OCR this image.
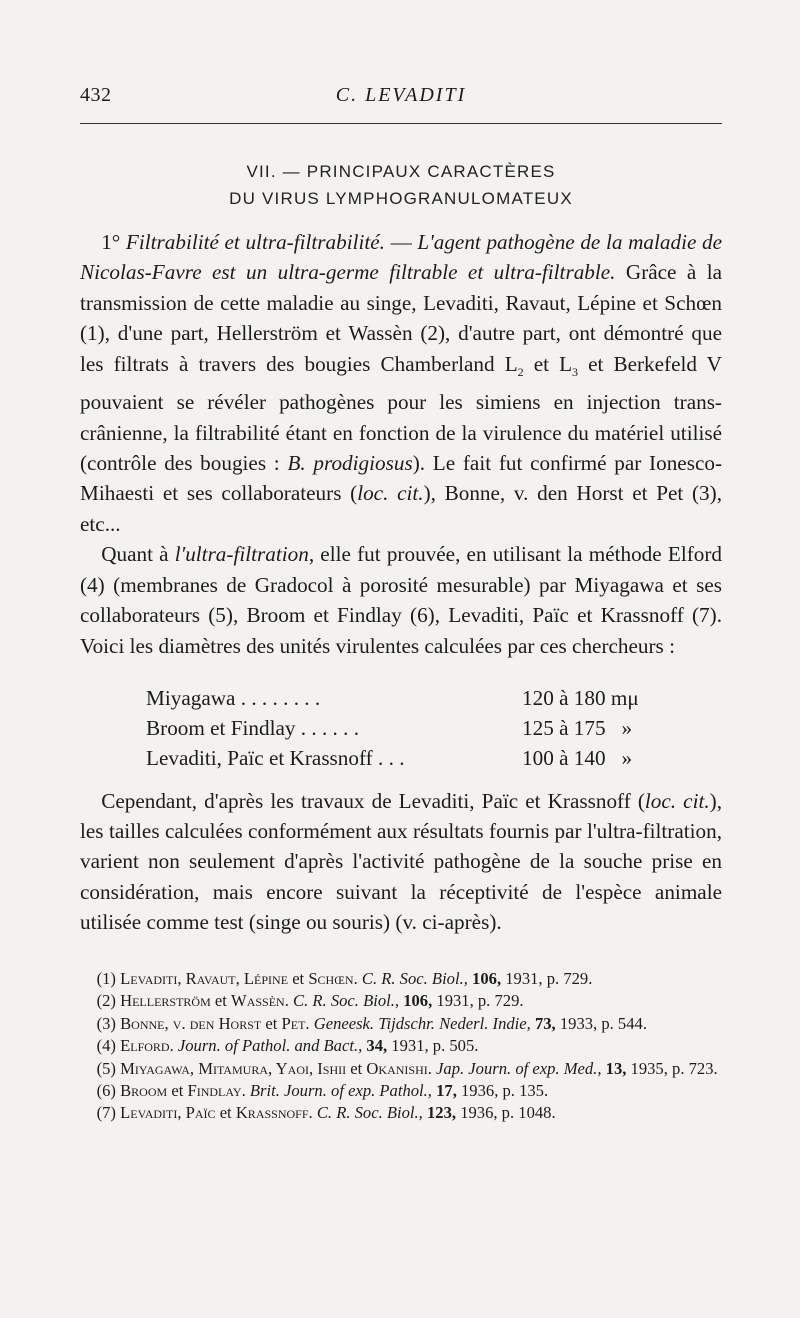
432	C. LEVADITI
VII. — PRINCIPAUX CARACTÈRES
DU VIRUS LYMPHOGRANULOMATEUX

1° Filtrabilité et ultra-filtrabilité. — L'agent pathogène de la maladie de Nicolas-Favre est un ultra-germe filtrable et ultra-filtrable. Grâce à la transmission de cette maladie au singe, Levaditi, Ravaut, Lépine et Schœn (1), d'une part, Hellerström et Wassèn (2), d'autre part, ont démontré que les filtrats à travers des bougies Chamberland $L_2$ et $L_3$ et Berkefeld V pouvaient se révéler pathogènes pour les simiens en injection trans-crânienne, la filtrabilité étant en fonction de la virulence du matériel utilisé (contrôle des bougies : B. prodigiosus). Le fait fut confirmé par Ionesco-Mihaesti et ses collaborateurs (loc. cit.), Bonne, v. den Horst et Pet (3), etc...

Quant à l'ultra-filtration, elle fut prouvée, en utilisant la méthode Elford (4) (membranes de Gradocol à porosité mesurable) par Miyagawa et ses collaborateurs (5), Broom et Findlay (6), Levaditi, Païc et Krassnoff (7). Voici les diamètres des unités virulentes calculées par ces chercheurs :

Miyagawa . . . . . . . .	120 à 180 mμ
Broom et Findlay . . . . . .	125 à 175   »
Levaditi, Païc et Krassnoff . . .	100 à 140   »

Cependant, d'après les travaux de Levaditi, Païc et Krassnoff (loc. cit.), les tailles calculées conformément aux résultats fournis par l'ultra-filtration, varient non seulement d'après l'activité pathogène de la souche prise en considération, mais encore suivant la réceptivité de l'espèce animale utilisée comme test (singe ou souris) (v. ci-après).

(1) Levaditi, Ravaut, Lépine et Schœn. C. R. Soc. Biol., 106, 1931, p. 729.

(2) Hellerström et Wassèn. C. R. Soc. Biol., 106, 1931, p. 729.

(3) Bonne, v. den Horst et Pet. Geneesk. Tijdschr. Nederl. Indie, 73, 1933, p. 544.

(4) Elford. Journ. of Pathol. and Bact., 34, 1931, p. 505.

(5) Miyagawa, Mitamura, Yaoi, Ishii et Okanishi. Jap. Journ. of exp. Med., 13, 1935, p. 723.

(6) Broom et Findlay. Brit. Journ. of exp. Pathol., 17, 1936, p. 135.

(7) Levaditi, Païc et Krassnoff. C. R. Soc. Biol., 123, 1936, p. 1048.
